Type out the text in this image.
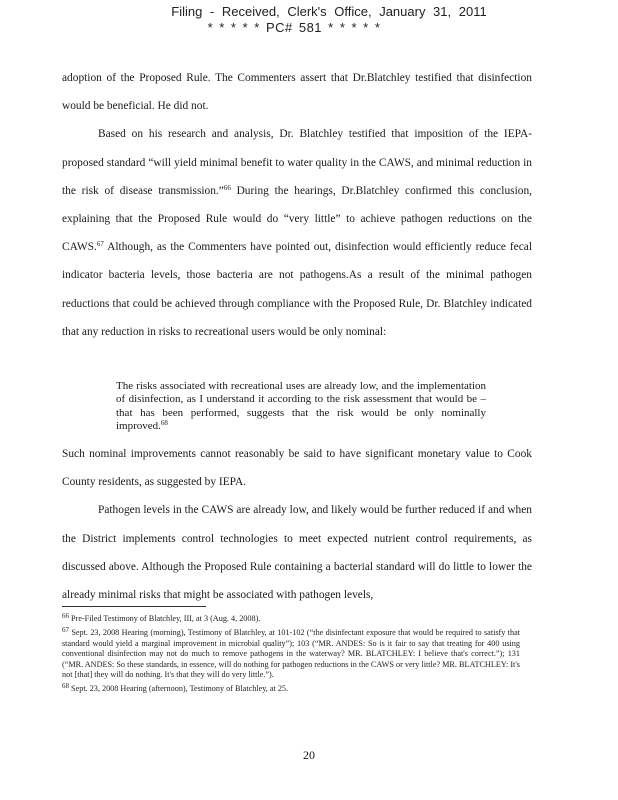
Filing - Received, Clerk's Office, January 31, 2011
* * * * * PC# 581 * * * * *

adoption of the Proposed Rule. The Commenters assert that Dr.Blatchley testified that disinfection would be beneficial. He did not.

Based on his research and analysis, Dr. Blatchley testified that imposition of the IEPA-proposed standard “will yield minimal benefit to water quality in the CAWS, and minimal reduction in the risk of disease transmission.”$^{66}$ During the hearings, Dr.Blatchley confirmed this conclusion, explaining that the Proposed Rule would do “very little” to achieve pathogen reductions on the CAWS.$^{67}$ Although, as the Commenters have pointed out, disinfection would efficiently reduce fecal indicator bacteria levels, those bacteria are not pathogens.As a result of the minimal pathogen reductions that could be achieved through compliance with the Proposed Rule, Dr. Blatchley indicated that any reduction in risks to recreational users would be only nominal:

The risks associated with recreational uses are already low, and the implementation of disinfection, as I understand it according to the risk assessment that would be – that has been performed, suggests that the risk would be only nominally improved.$^{68}$

Such nominal improvements cannot reasonably be said to have significant monetary value to Cook County residents, as suggested by IEPA.

Pathogen levels in the CAWS are already low, and likely would be further reduced if and when the District implements control technologies to meet expected nutrient control requirements, as discussed above. Although the Proposed Rule containing a bacterial standard will do little to lower the already minimal risks that might be associated with pathogen levels,

$^{66}$ Pre-Filed Testimony of Blatchley, III, at 3 (Aug. 4, 2008).

$^{67}$ Sept. 23, 2008 Hearing (morning), Testimony of Blatchley, at 101-102 (“the disinfectant exposure that would be required to satisfy that standard would yield a marginal improvement in microbial quality”); 103 (“MR. ANDES: So is it fair to say that treating for 400 using conventional disinfection may not do much to remove pathogens in the waterway? MR. BLATCHLEY: I believe that's correct.”); 131 (“MR. ANDES: So these standards, in essence, will do nothing for pathogen reductions in the CAWS or very little? MR. BLATCHLEY: It's not [that] they will do nothing. It's that they will do very little.”).

$^{68}$ Sept. 23, 2008 Hearing (afternoon), Testimony of Blatchley, at 25.

20
